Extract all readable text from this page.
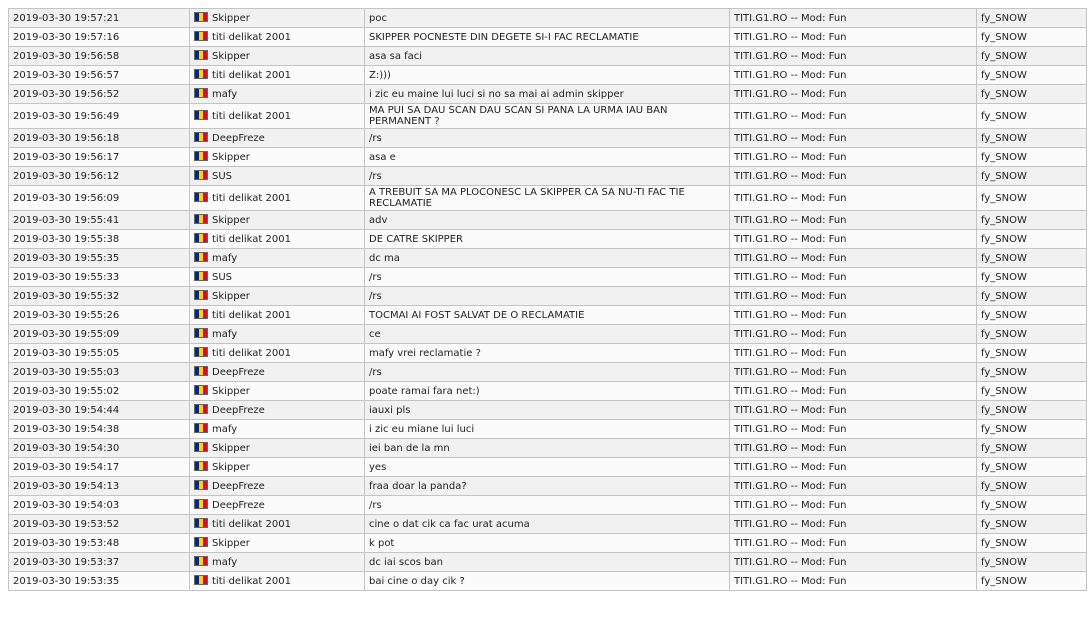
2019-03-30 19:57:21	Skipper	poc	TITI.G1.RO -- Mod: Fun	fy_SNOW
2019-03-30 19:57:16	titi delikat 2001	SKIPPER POCNESTE DIN DEGETE SI-I FAC RECLAMATIE	TITI.G1.RO -- Mod: Fun	fy_SNOW
2019-03-30 19:56:58	Skipper	asa sa faci	TITI.G1.RO -- Mod: Fun	fy_SNOW
2019-03-30 19:56:57	titi delikat 2001	Z:)))	TITI.G1.RO -- Mod: Fun	fy_SNOW
2019-03-30 19:56:52	mafy	i zic eu maine lui luci si no sa mai ai admin skipper	TITI.G1.RO -- Mod: Fun	fy_SNOW
2019-03-30 19:56:49	titi delikat 2001	MA PUI SA DAU SCAN DAU SCAN SI PANA LA URMA IAU BAN PERMANENT ?	TITI.G1.RO -- Mod: Fun	fy_SNOW
2019-03-30 19:56:18	DeepFreze	/rs	TITI.G1.RO -- Mod: Fun	fy_SNOW
2019-03-30 19:56:17	Skipper	asa e	TITI.G1.RO -- Mod: Fun	fy_SNOW
2019-03-30 19:56:12	SUS	/rs	TITI.G1.RO -- Mod: Fun	fy_SNOW
2019-03-30 19:56:09	titi delikat 2001	A TREBUIT SA MA PLOCONESC LA SKIPPER CA SA NU-TI FAC TIE RECLAMATIE	TITI.G1.RO -- Mod: Fun	fy_SNOW
2019-03-30 19:55:41	Skipper	adv	TITI.G1.RO -- Mod: Fun	fy_SNOW
2019-03-30 19:55:38	titi delikat 2001	DE CATRE SKIPPER	TITI.G1.RO -- Mod: Fun	fy_SNOW
2019-03-30 19:55:35	mafy	dc ma	TITI.G1.RO -- Mod: Fun	fy_SNOW
2019-03-30 19:55:33	SUS	/rs	TITI.G1.RO -- Mod: Fun	fy_SNOW
2019-03-30 19:55:32	Skipper	/rs	TITI.G1.RO -- Mod: Fun	fy_SNOW
2019-03-30 19:55:26	titi delikat 2001	TOCMAI AI FOST SALVAT DE O RECLAMATIE	TITI.G1.RO -- Mod: Fun	fy_SNOW
2019-03-30 19:55:09	mafy	ce	TITI.G1.RO -- Mod: Fun	fy_SNOW
2019-03-30 19:55:05	titi delikat 2001	mafy vrei reclamatie ?	TITI.G1.RO -- Mod: Fun	fy_SNOW
2019-03-30 19:55:03	DeepFreze	/rs	TITI.G1.RO -- Mod: Fun	fy_SNOW
2019-03-30 19:55:02	Skipper	poate ramai fara net:)	TITI.G1.RO -- Mod: Fun	fy_SNOW
2019-03-30 19:54:44	DeepFreze	iauxi pls	TITI.G1.RO -- Mod: Fun	fy_SNOW
2019-03-30 19:54:38	mafy	i zic eu miane lui luci	TITI.G1.RO -- Mod: Fun	fy_SNOW
2019-03-30 19:54:30	Skipper	iei ban de la mn	TITI.G1.RO -- Mod: Fun	fy_SNOW
2019-03-30 19:54:17	Skipper	yes	TITI.G1.RO -- Mod: Fun	fy_SNOW
2019-03-30 19:54:13	DeepFreze	fraa doar la panda?	TITI.G1.RO -- Mod: Fun	fy_SNOW
2019-03-30 19:54:03	DeepFreze	/rs	TITI.G1.RO -- Mod: Fun	fy_SNOW
2019-03-30 19:53:52	titi delikat 2001	cine o dat cik ca fac urat acuma	TITI.G1.RO -- Mod: Fun	fy_SNOW
2019-03-30 19:53:48	Skipper	k pot	TITI.G1.RO -- Mod: Fun	fy_SNOW
2019-03-30 19:53:37	mafy	dc iai scos ban	TITI.G1.RO -- Mod: Fun	fy_SNOW
2019-03-30 19:53:35	titi delikat 2001	bai cine o day cik ?	TITI.G1.RO -- Mod: Fun	fy_SNOW
